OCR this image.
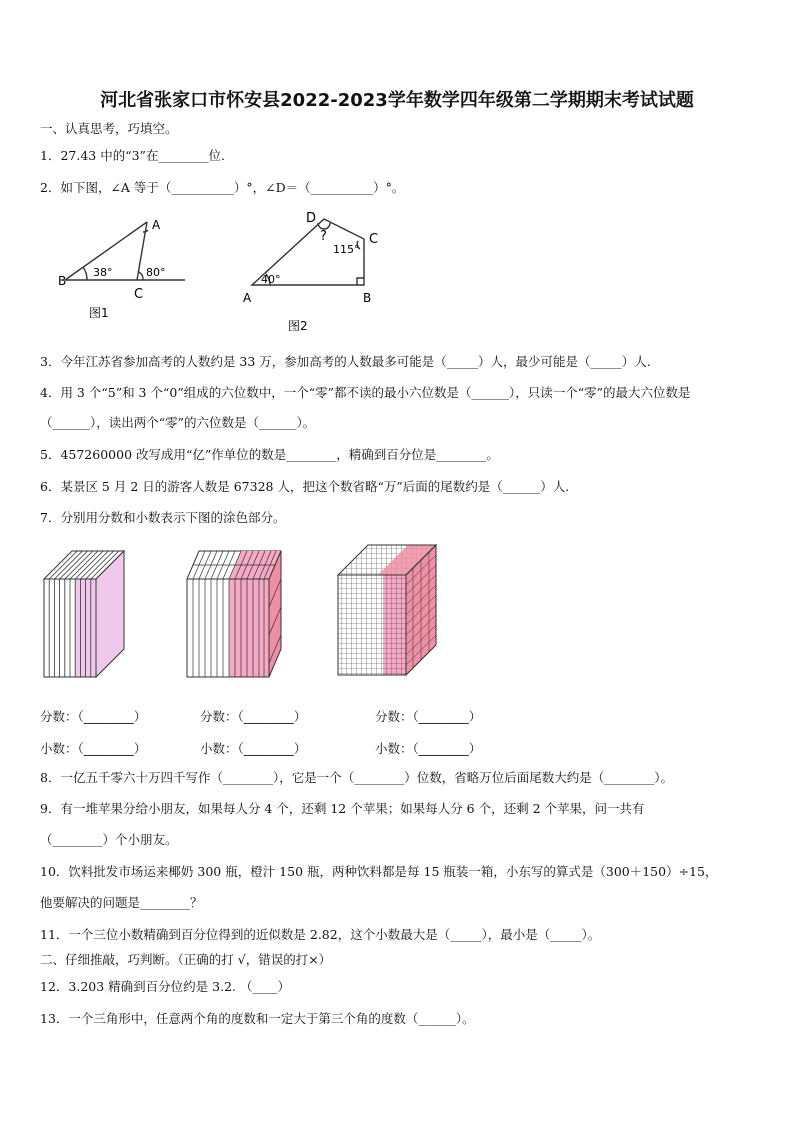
河北省张家口市怀安县2022-2023学年数学四年级第二学期期末考试试题
一、认真思考，巧填空。
1．27.43 中的“3”在________位.
2．如下图，∠A 等于（__________）°，∠D＝（__________）°。
A
B
C
38°	80°
图1
D
C
A	B
?
115°
40°
图2
3．今年江苏省参加高考的人数约是 33 万，参加高考的人数最多可能是（_____）人，最少可能是（_____）人.
4．用 3 个“5”和 3 个“0”组成的六位数中，一个“零”都不读的最小六位数是（______），只读一个“零”的最大六位数是
（______），读出两个“零”的六位数是（______）。
5．457260000 改写成用“亿”作单位的数是________，精确到百分位是________。
6．某景区 5 月 2 日的游客人数是 67328 人，把这个数省略“万”后面的尾数约是（______）人.
7．分别用分数和小数表示下图的涂色部分。
分数：（________）	分数：（________）	分数：（________）
小数：（________）	小数：（________）	小数：（________）
8．一亿五千零六十万四千写作（________），它是一个（________）位数，省略万位后面尾数大约是（________）。
9．有一堆苹果分给小朋友，如果每人分 4 个，还剩 12 个苹果；如果每人分 6 个，还剩 2 个苹果，问一共有
（________）个小朋友。
10．饮料批发市场运来椰奶 300 瓶，橙汁 150 瓶，两种饮料都是每 15 瓶装一箱，小东写的算式是（300＋150）÷15，
他要解决的问题是________？
11．一个三位小数精确到百分位得到的近似数是 2.82，这个小数最大是（_____），最小是（_____）。
二、仔细推敲，巧判断。（正确的打 √，错误的打×）
12．3.203 精确到百分位约是 3.2. （____）
13．一个三角形中，任意两个角的度数和一定大于第三个角的度数（______）。
